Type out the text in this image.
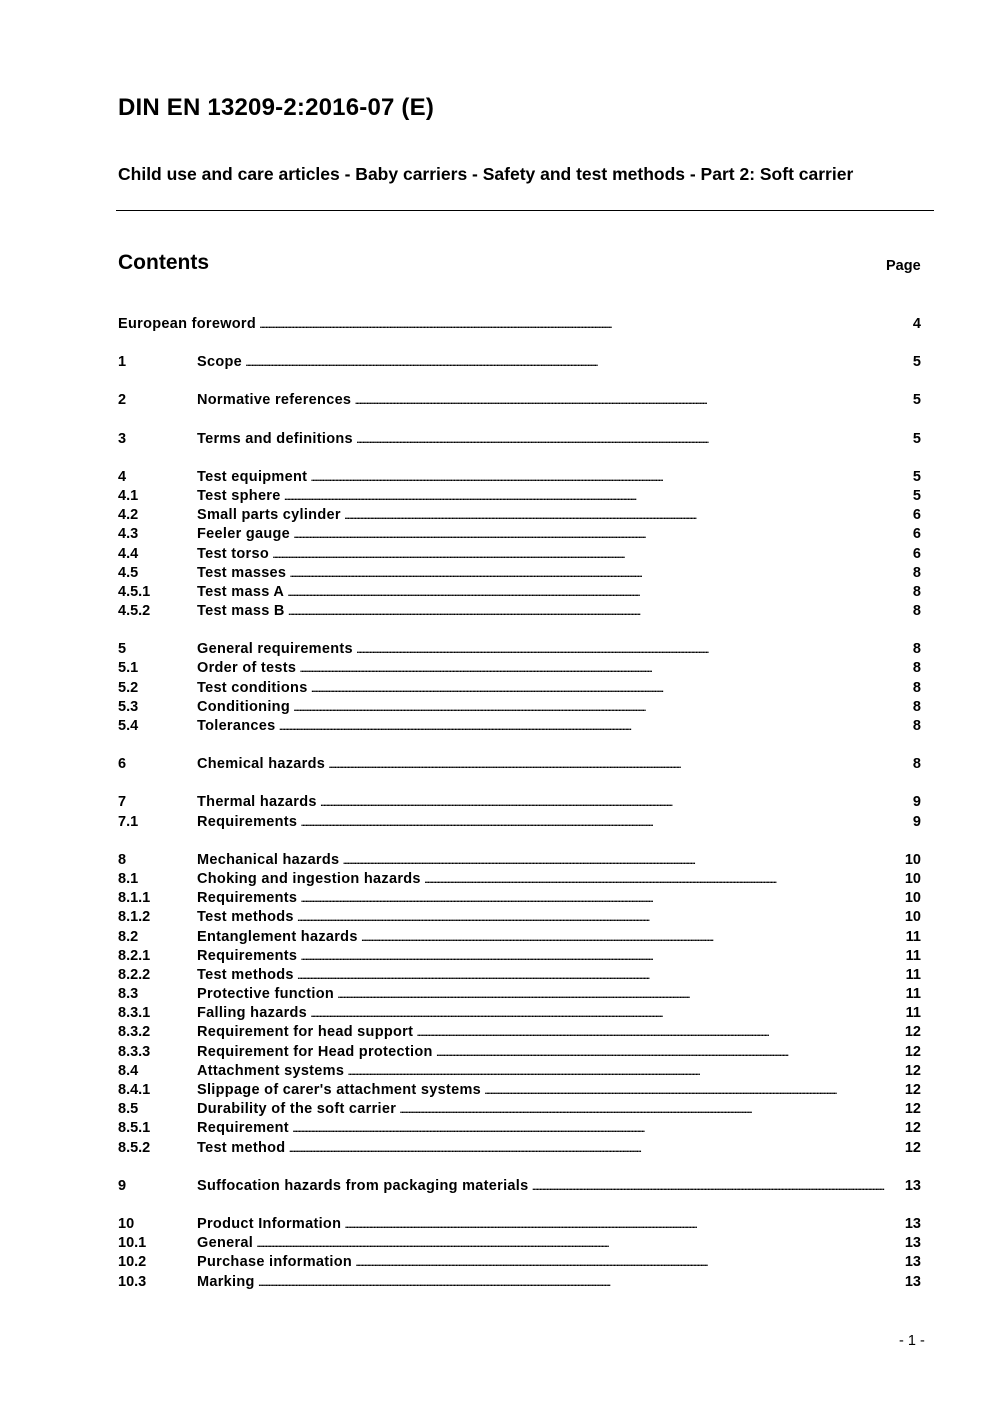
DIN EN 13209-2:2016-07 (E)
Child use and care articles - Baby carriers - Safety and test methods - Part 2: Soft carrier
Contents	Page
European foreword . . .	4
1	Scope . . .	5
2	Normative references . . .	5
3	Terms and definitions . . .	5
4	Test equipment . . .	5
4.1	Test sphere . . .	5
4.2	Small parts cylinder . . .	6
4.3	Feeler gauge . . .	6
4.4	Test torso . . .	6
4.5	Test masses . . .	8
4.5.1	Test mass A . . .	8
4.5.2	Test mass B . . .	8
5	General requirements . . .	8
5.1	Order of tests . . .	8
5.2	Test conditions . . .	8
5.3	Conditioning . . .	8
5.4	Tolerances . . .	8
6	Chemical hazards . . .	8
7	Thermal hazards . . .	9
7.1	Requirements . . .	9
8	Mechanical hazards . . .	10
8.1	Choking and ingestion hazards . . .	10
8.1.1	Requirements . . .	10
8.1.2	Test methods . . .	10
8.2	Entanglement hazards . . .	11
8.2.1	Requirements . . .	11
8.2.2	Test methods . . .	11
8.3	Protective function . . .	11
8.3.1	Falling hazards . . .	11
8.3.2	Requirement for head support . . .	12
8.3.3	Requirement for Head protection . . .	12
8.4	Attachment systems . . .	12
8.4.1	Slippage of carer's attachment systems . . .	12
8.5	Durability of the soft carrier . . .	12
8.5.1	Requirement . . .	12
8.5.2	Test method . . .	12
9	Suffocation hazards from packaging materials . . .	13
10	Product Information . . .	13
10.1	General . . .	13
10.2	Purchase information . . .	13
10.3	Marking . . .	13
- 1 -
